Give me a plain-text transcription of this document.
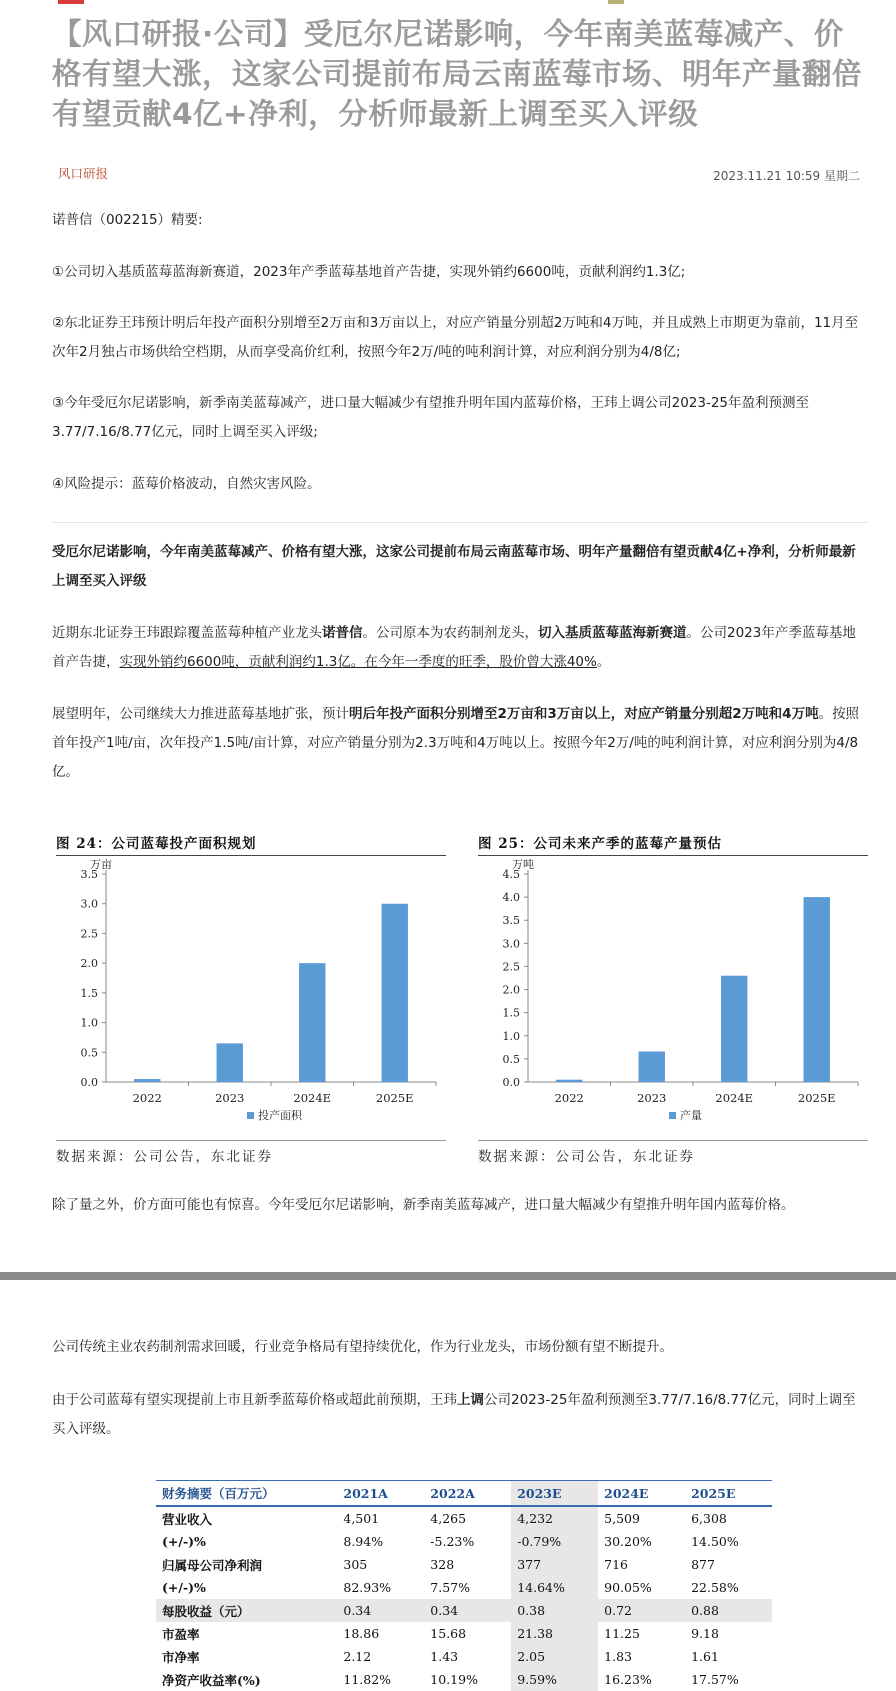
【风口研报·公司】受厄尔尼诺影响，今年南美蓝莓减产、价格有望大涨，这家公司提前布局云南蓝莓市场、明年产量翻倍有望贡献4亿+净利，分析师最新上调至买入评级
风口研报	2023.11.21 10:59 星期二
诺普信（002215）精要:
①公司切入基质蓝莓蓝海新赛道，2023年产季蓝莓基地首产告捷，实现外销约6600吨，贡献利润约1.3亿;
②东北证券王玮预计明后年投产面积分别增至2万亩和3万亩以上，对应产销量分别超2万吨和4万吨，并且成熟上市期更为靠前，11月至次年2月独占市场供给空档期，从而享受高价红利，按照今年2万/吨的吨利润计算，对应利润分别为4/8亿;
③今年受厄尔尼诺影响，新季南美蓝莓减产，进口量大幅减少有望推升明年国内蓝莓价格，王玮上调公司2023-25年盈利预测至3.77/7.16/8.77亿元，同时上调至买入评级;
④风险提示：蓝莓价格波动，自然灾害风险。
受厄尔尼诺影响，今年南美蓝莓减产、价格有望大涨，这家公司提前布局云南蓝莓市场、明年产量翻倍有望贡献4亿+净利，分析师最新上调至买入评级
近期东北证券王玮跟踪覆盖蓝莓种植产业龙头诺普信。公司原本为农药制剂龙头，切入基质蓝莓蓝海新赛道。公司2023年产季蓝莓基地首产告捷，实现外销约6600吨，贡献利润约1.3亿。在今年一季度的旺季，股价曾大涨40%。
展望明年，公司继续大力推进蓝莓基地扩张，预计明后年投产面积分别增至2万亩和3万亩以上，对应产销量分别超2万吨和4万吨。按照首年投产1吨/亩，次年投产1.5吨/亩计算，对应产销量分别为2.3万吨和4万吨以上。按照今年2万/吨的吨利润计算，对应利润分别为4/8亿。
图 24：公司蓝莓投产面积规划
万亩
0.0
0.5
1.0
1.5
2.0
2.5
3.0
3.5
2022	2023	2024E	2025E
投产面积
数据来源：公司公告，东北证券
图 25：公司未来产季的蓝莓产量预估
万吨
0.0
0.5
1.0
1.5
2.0
2.5
3.0
3.5
4.0
4.5
2022	2023	2024E	2025E
产量
数据来源：公司公告，东北证券
除了量之外，价方面可能也有惊喜。今年受厄尔尼诺影响，新季南美蓝莓减产，进口量大幅减少有望推升明年国内蓝莓价格。
公司传统主业农药制剂需求回暖，行业竞争格局有望持续优化，作为行业龙头，市场份额有望不断提升。
由于公司蓝莓有望实现提前上市且新季蓝莓价格或超此前预期，王玮上调公司2023-25年盈利预测至3.77/7.16/8.77亿元，同时上调至买入评级。
财务摘要（百万元）	2021A	2022A	2023E	2024E	2025E
营业收入	4,501	4,265	4,232	5,509	6,308
(+/-)%	8.94%	-5.23%	-0.79%	30.20%	14.50%
归属母公司净利润	305	328	377	716	877
(+/-)%	82.93%	7.57%	14.64%	90.05%	22.58%
每股收益（元）	0.34	0.34	0.38	0.72	0.88
市盈率	18.86	15.68	21.38	11.25	9.18
市净率	2.12	1.43	2.05	1.83	1.61
净资产收益率(%)	11.82%	10.19%	9.59%	16.23%	17.57%
